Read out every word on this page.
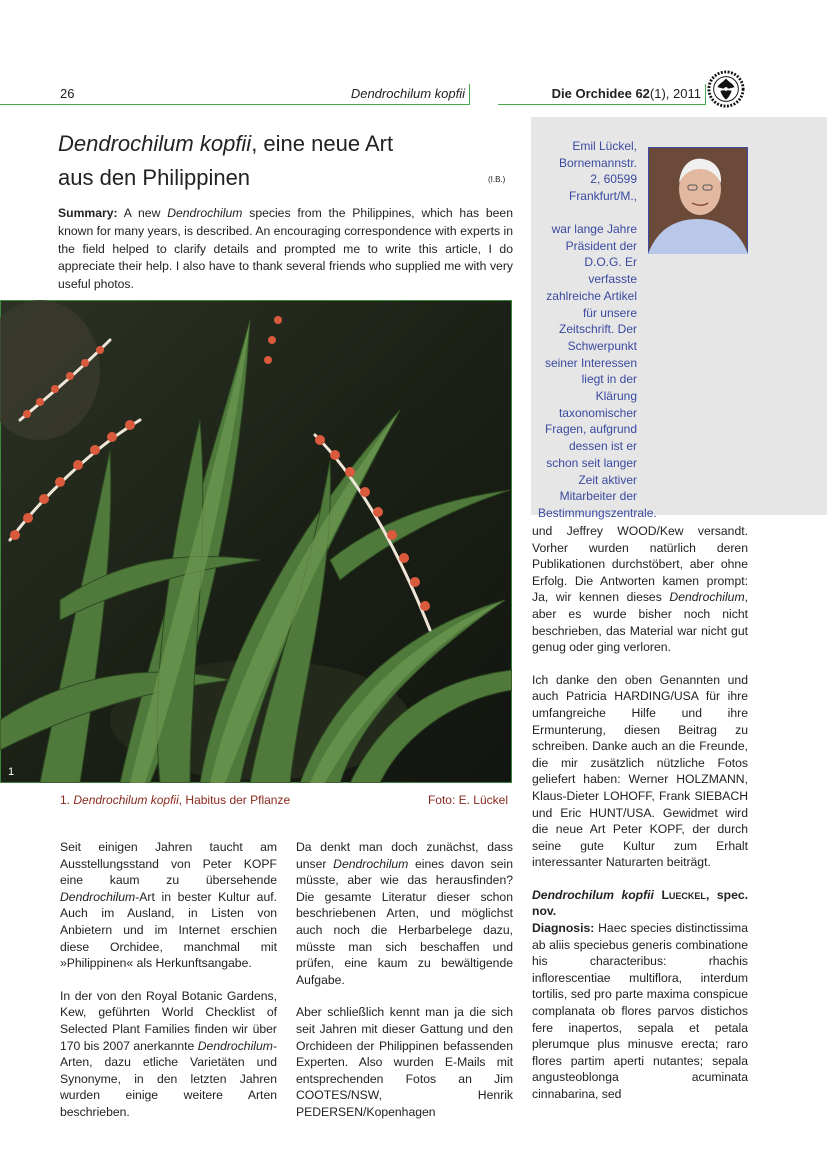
26	Dendrochilum kopfii	Die Orchidee 62(1), 2011
Dendrochilum kopfii, eine neue Art
aus den Philippinen	(I.B.)
Summary: A new Dendrochilum species from the Philippines, which has been known for many years, is described. An encouraging correspondence with experts in the field helped to clarify details and prompted me to write this article, I do appreciate their help. I also have to thank several friends who supplied me with very useful photos.
1
1. Dendrochilum kopfii, Habitus der Pflanze	Foto: E. Lückel
Emil Lückel,
Bornemannstr.
2, 60599
Frankfurt/M.,
war lange Jahre Präsident der D.O.G. Er verfasste zahlreiche Artikel für unsere Zeitschrift. Der Schwerpunkt seiner Interessen liegt in der Klärung taxonomischer Fragen, aufgrund dessen ist er schon seit langer Zeit aktiver Mitarbeiter der Bestimmungszentrale.

Seit einigen Jahren taucht am Ausstellungsstand von Peter KOPF eine kaum zu übersehende Dendrochilum-Art in bester Kultur auf. Auch im Ausland, in Listen von Anbietern und im Internet erschien diese Orchidee, manchmal mit »Philippinen« als Herkunftsangabe.

In der von den Royal Botanic Gardens, Kew, geführten World Checklist of Selected Plant Families finden wir über 170 bis 2007 anerkannte Dendrochilum-Arten, dazu etliche Varietäten und Synonyme, in den letzten Jahren wurden einige weitere Arten beschrieben.

Da denkt man doch zunächst, dass unser Dendrochilum eines davon sein müsste, aber wie das herausfinden? Die gesamte Literatur dieser schon beschriebenen Arten, und möglichst auch noch die Herbarbelege dazu, müsste man sich beschaffen und prüfen, eine kaum zu bewältigende Aufgabe.

Aber schließlich kennt man ja die sich seit Jahren mit dieser Gattung und den Orchideen der Philippinen befassenden Experten. Also wurden E-Mails mit entsprechenden Fotos an Jim COOTES/NSW, Henrik PEDERSEN/Kopenhagen

und Jeffrey WOOD/Kew versandt. Vorher wurden natürlich deren Publikationen durchstöbert, aber ohne Erfolg. Die Antworten kamen prompt: Ja, wir kennen dieses Dendrochilum, aber es wurde bisher noch nicht beschrieben, das Material war nicht gut genug oder ging verloren.

Ich danke den oben Genannten und auch Patricia HARDING/USA für ihre umfangreiche Hilfe und ihre Ermunterung, diesen Beitrag zu schreiben. Danke auch an die Freunde, die mir zusätzlich nützliche Fotos geliefert haben: Werner HOLZMANN, Klaus-Dieter LOHOFF, Frank SIEBACH und Eric HUNT/USA. Gewidmet wird die neue Art Peter KOPF, der durch seine gute Kultur zum Erhalt interessanter Naturarten beiträgt.

Dendrochilum kopfii Lueckel, spec. nov.

Diagnosis: Haec species distinctissima ab aliis speciebus generis combinatione his characteribus: rhachis inflorescentiae multiflora, interdum tortilis, sed pro parte maxima conspicue complanata ob flores parvos distichos fere inapertos, sepala et petala plerumque plus minusve erecta; raro flores partim aperti nutantes; sepala angusteoblonga acuminata cinnabarina, sed
